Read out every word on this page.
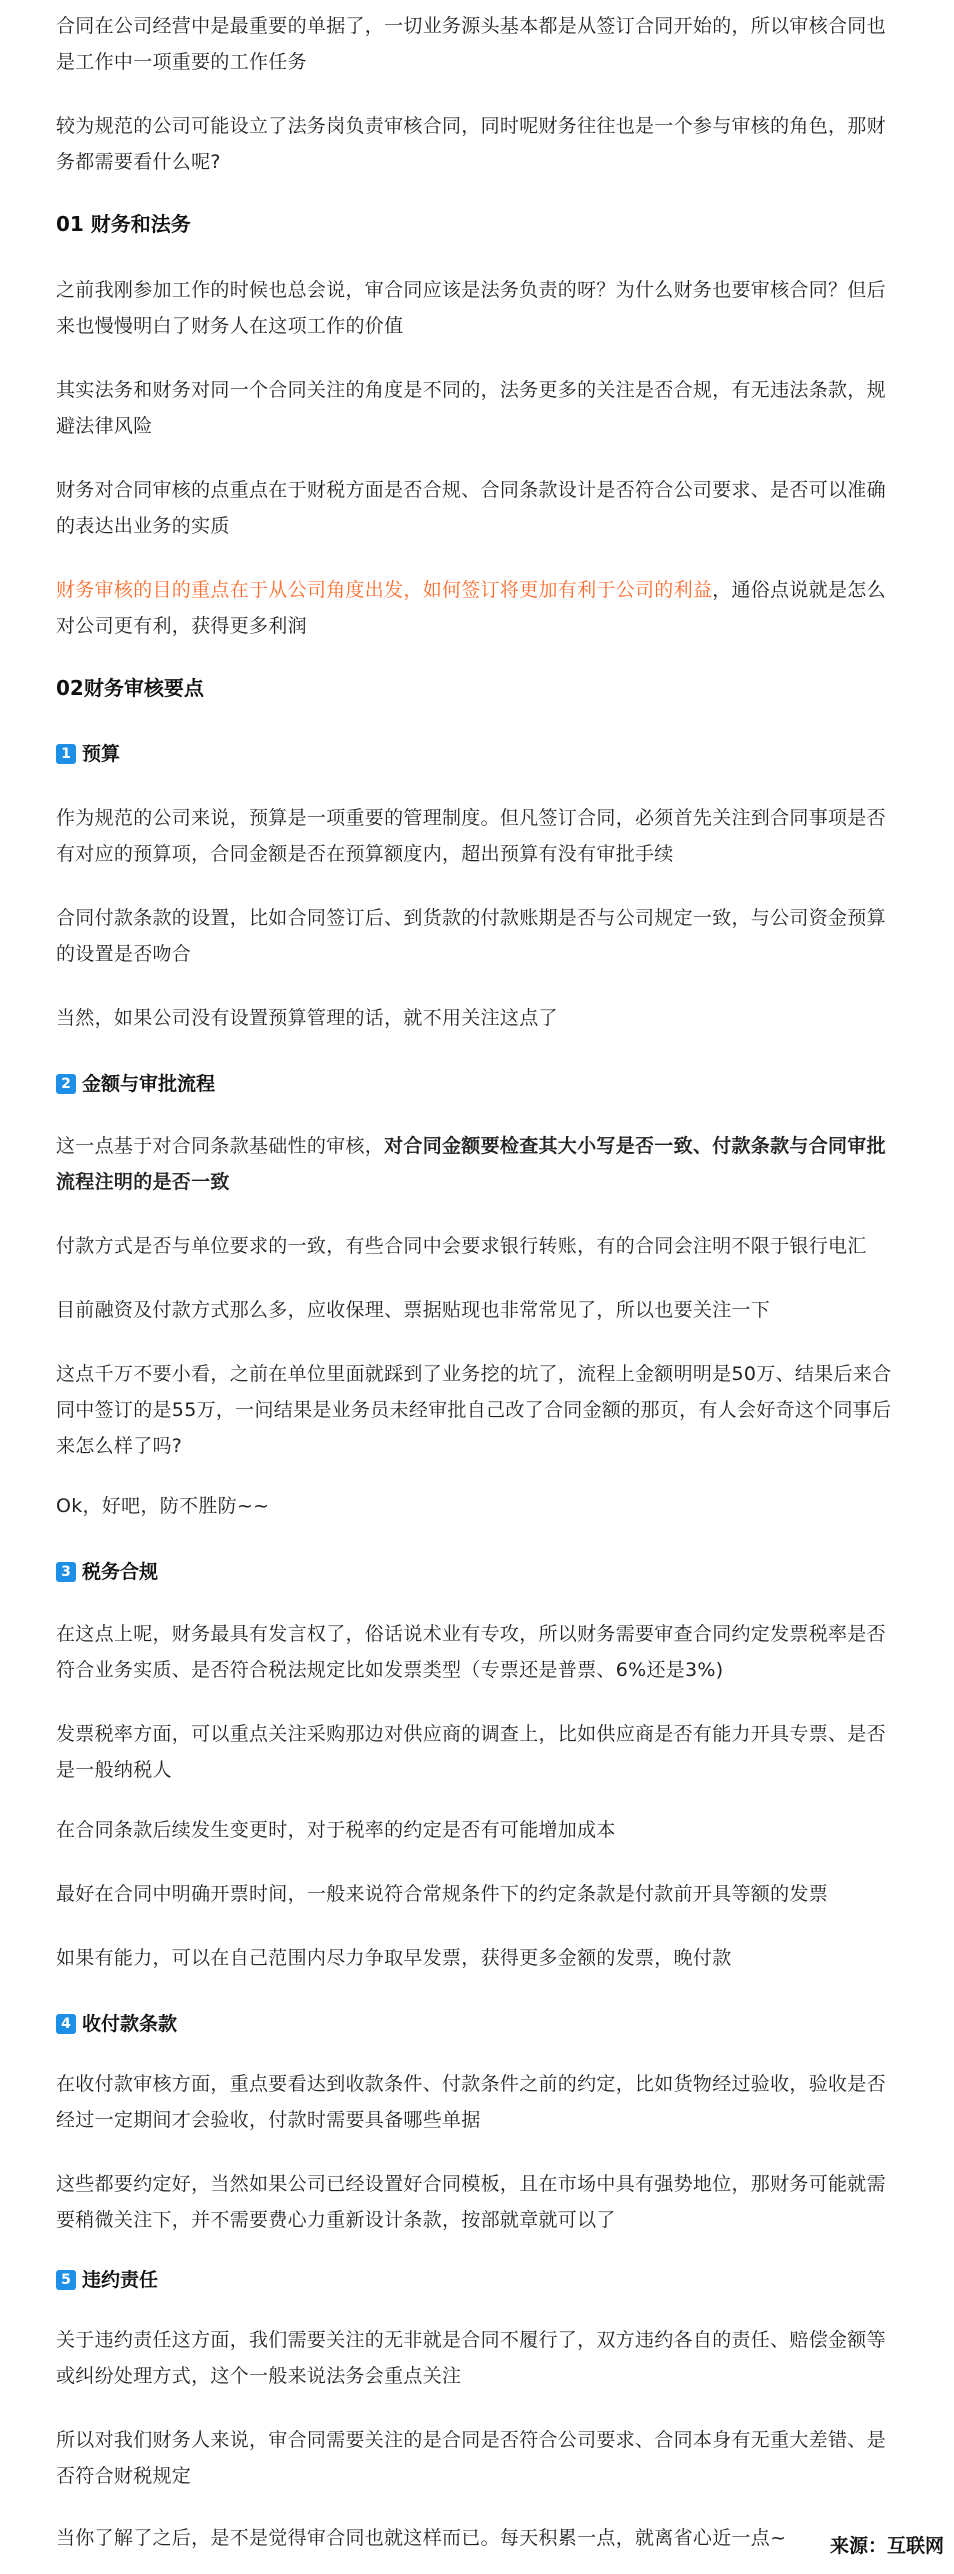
合同在公司经营中是最重要的单据了，一切业务源头基本都是从签订合同开始的，所以审核合同也是工作中一项重要的工作任务

较为规范的公司可能设立了法务岗负责审核合同，同时呢财务往往也是一个参与审核的角色，那财务都需要看什么呢?

01 财务和法务

之前我刚参加工作的时候也总会说，审合同应该是法务负责的呀？为什么财务也要审核合同？但后来也慢慢明白了财务人在这项工作的价值

其实法务和财务对同一个合同关注的角度是不同的，法务更多的关注是否合规，有无违法条款，规避法律风险

财务对合同审核的点重点在于财税方面是否合规、合同条款设计是否符合公司要求、是否可以准确的表达出业务的实质

财务审核的目的重点在于从公司角度出发，如何签订将更加有利于公司的利益，通俗点说就是怎么对公司更有利，获得更多利润

02财务审核要点
1 预算

作为规范的公司来说，预算是一项重要的管理制度。但凡签订合同，必须首先关注到合同事项是否有对应的预算项，合同金额是否在预算额度内，超出预算有没有审批手续

合同付款条款的设置，比如合同签订后、到货款的付款账期是否与公司规定一致，与公司资金预算的设置是否吻合

当然，如果公司没有设置预算管理的话，就不用关注这点了

2 金额与审批流程

这一点基于对合同条款基础性的审核，对合同金额要检查其大小写是否一致、付款条款与合同审批流程注明的是否一致

付款方式是否与单位要求的一致，有些合同中会要求银行转账，有的合同会注明不限于银行电汇

目前融资及付款方式那么多，应收保理、票据贴现也非常常见了，所以也要关注一下

这点千万不要小看，之前在单位里面就踩到了业务挖的坑了，流程上金额明明是50万、结果后来合同中签订的是55万，一问结果是业务员未经审批自己改了合同金额的那页，有人会好奇这个同事后来怎么样了吗?

Ok，好吧，防不胜防~~

3 税务合规

在这点上呢，财务最具有发言权了，俗话说术业有专攻，所以财务需要审查合同约定发票税率是否符合业务实质、是否符合税法规定比如发票类型（专票还是普票、6%还是3%)

发票税率方面，可以重点关注采购那边对供应商的调查上，比如供应商是否有能力开具专票、是否是一般纳税人

在合同条款后续发生变更时，对于税率的约定是否有可能增加成本

最好在合同中明确开票时间，一般来说符合常规条件下的约定条款是付款前开具等额的发票

如果有能力，可以在自己范围内尽力争取早发票，获得更多金额的发票，晚付款

4 收付款条款

在收付款审核方面，重点要看达到收款条件、付款条件之前的约定，比如货物经过验收，验收是否经过一定期间才会验收，付款时需要具备哪些单据

这些都要约定好，当然如果公司已经设置好合同模板，且在市场中具有强势地位，那财务可能就需要稍微关注下，并不需要费心力重新设计条款，按部就章就可以了

5 违约责任

关于违约责任这方面，我们需要关注的无非就是合同不履行了，双方违约各自的责任、赔偿金额等或纠纷处理方式，这个一般来说法务会重点关注

所以对我们财务人来说，审合同需要关注的是合同是否符合公司要求、合同本身有无重大差错、是否符合财税规定

当你了解了之后，是不是觉得审合同也就这样而已。每天积累一点，就离省心近一点~	来源：互联网
